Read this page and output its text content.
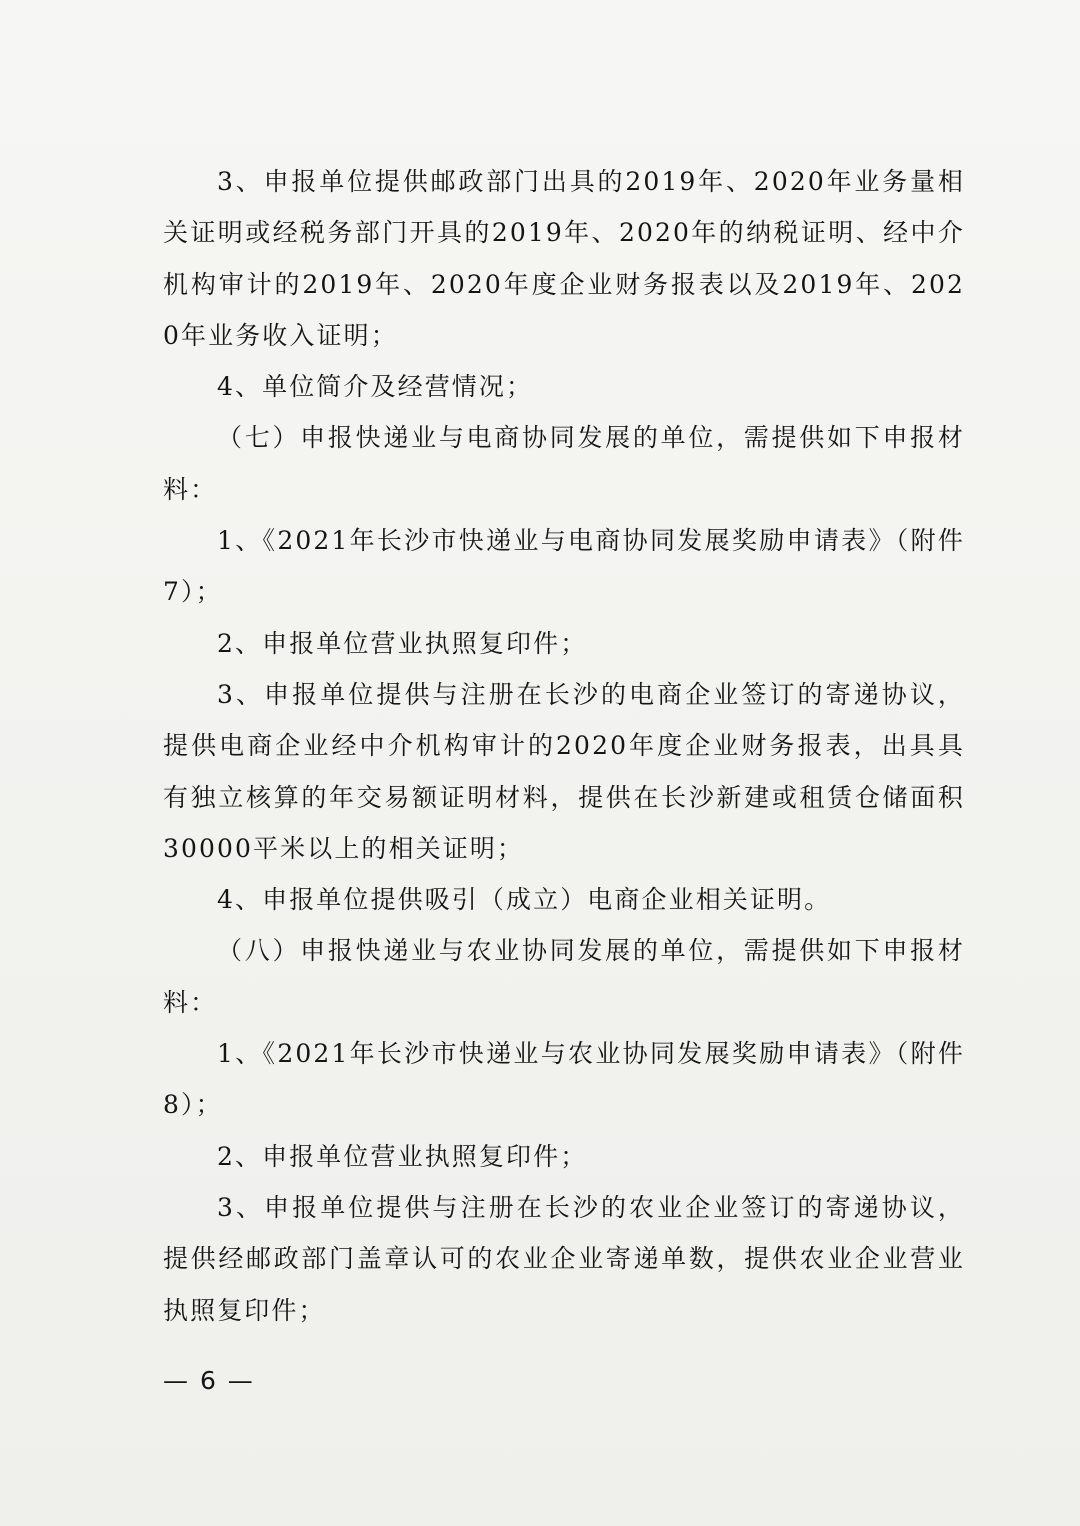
3、申报单位提供邮政部门出具的2019年、2020年业务量相关证明或经税务部门开具的2019年、2020年的纳税证明、经中介机构审计的2019年、2020年度企业财务报表以及2019年、2020年业务收入证明；

4、单位简介及经营情况；

（七）申报快递业与电商协同发展的单位，需提供如下申报材料：

1、《2021年长沙市快递业与电商协同发展奖励申请表》（附件7）；

2、申报单位营业执照复印件；

3、申报单位提供与注册在长沙的电商企业签订的寄递协议，提供电商企业经中介机构审计的2020年度企业财务报表，出具具有独立核算的年交易额证明材料，提供在长沙新建或租赁仓储面积30000平米以上的相关证明；

4、申报单位提供吸引（成立）电商企业相关证明。

（八）申报快递业与农业协同发展的单位，需提供如下申报材料：

1、《2021年长沙市快递业与农业协同发展奖励申请表》（附件8）；

2、申报单位营业执照复印件；

3、申报单位提供与注册在长沙的农业企业签订的寄递协议，提供经邮政部门盖章认可的农业企业寄递单数，提供农业企业营业执照复印件；

— 6 —
